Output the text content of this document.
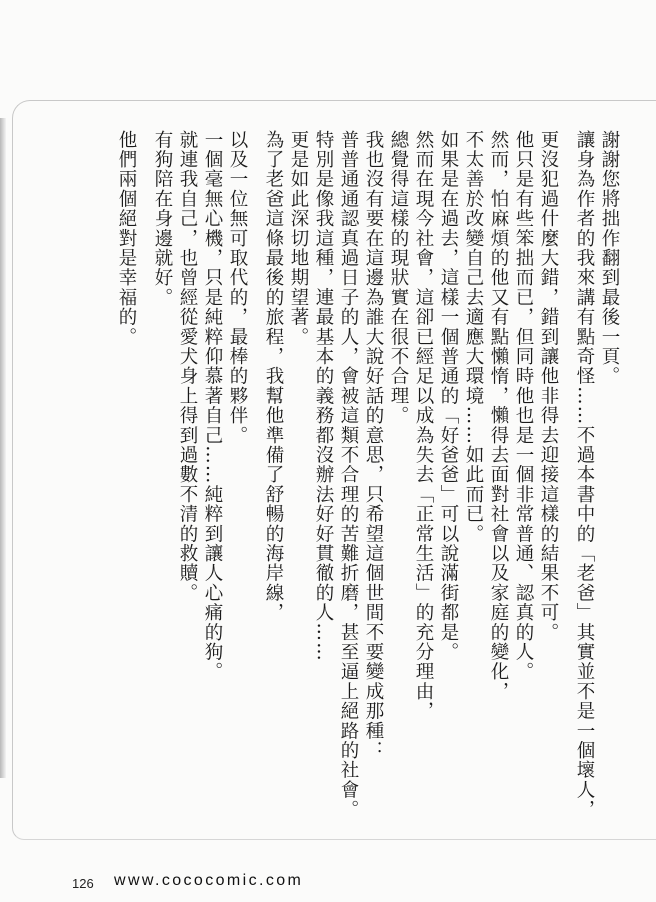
謝謝您將拙作翻到最後一頁。

讓身為作者的我來講有點奇怪……不過本書中的「老爸」其實並不是一個壞人，

更沒犯過什麼大錯，錯到讓他非得去迎接這樣的結果不可。

他只是有些笨拙而已，但同時他也是一個非常普通、認真的人。

然而，怕麻煩的他又有點懶惰，懶得去面對社會以及家庭的變化，

不太善於改變自己去適應大環境……如此而已。

如果是在過去，這樣一個普通的「好爸爸」可以說滿街都是。

然而在現今社會，這卻已經足以成為失去「正常生活」的充分理由，

總覺得這樣的現狀實在很不合理。

我也沒有要在這邊為誰大說好話的意思，只希望這個世間不要變成那種：

普普通通認真過日子的人，會被這類不合理的苦難折磨，甚至逼上絕路的社會。

特別是像我這種，連最基本的義務都沒辦法好好貫徹的人……

更是如此深切地期望著。

為了老爸這條最後的旅程，我幫他準備了舒暢的海岸線，

以及一位無可取代的，最棒的夥伴。

一個毫無心機，只是純粹仰慕著自己……純粹到讓人心痛的狗。

就連我自己，也曾經從愛犬身上得到過數不清的救贖。

有狗陪在身邊就好。

他們兩個絕對是幸福的。

126 www.cococomic.com
